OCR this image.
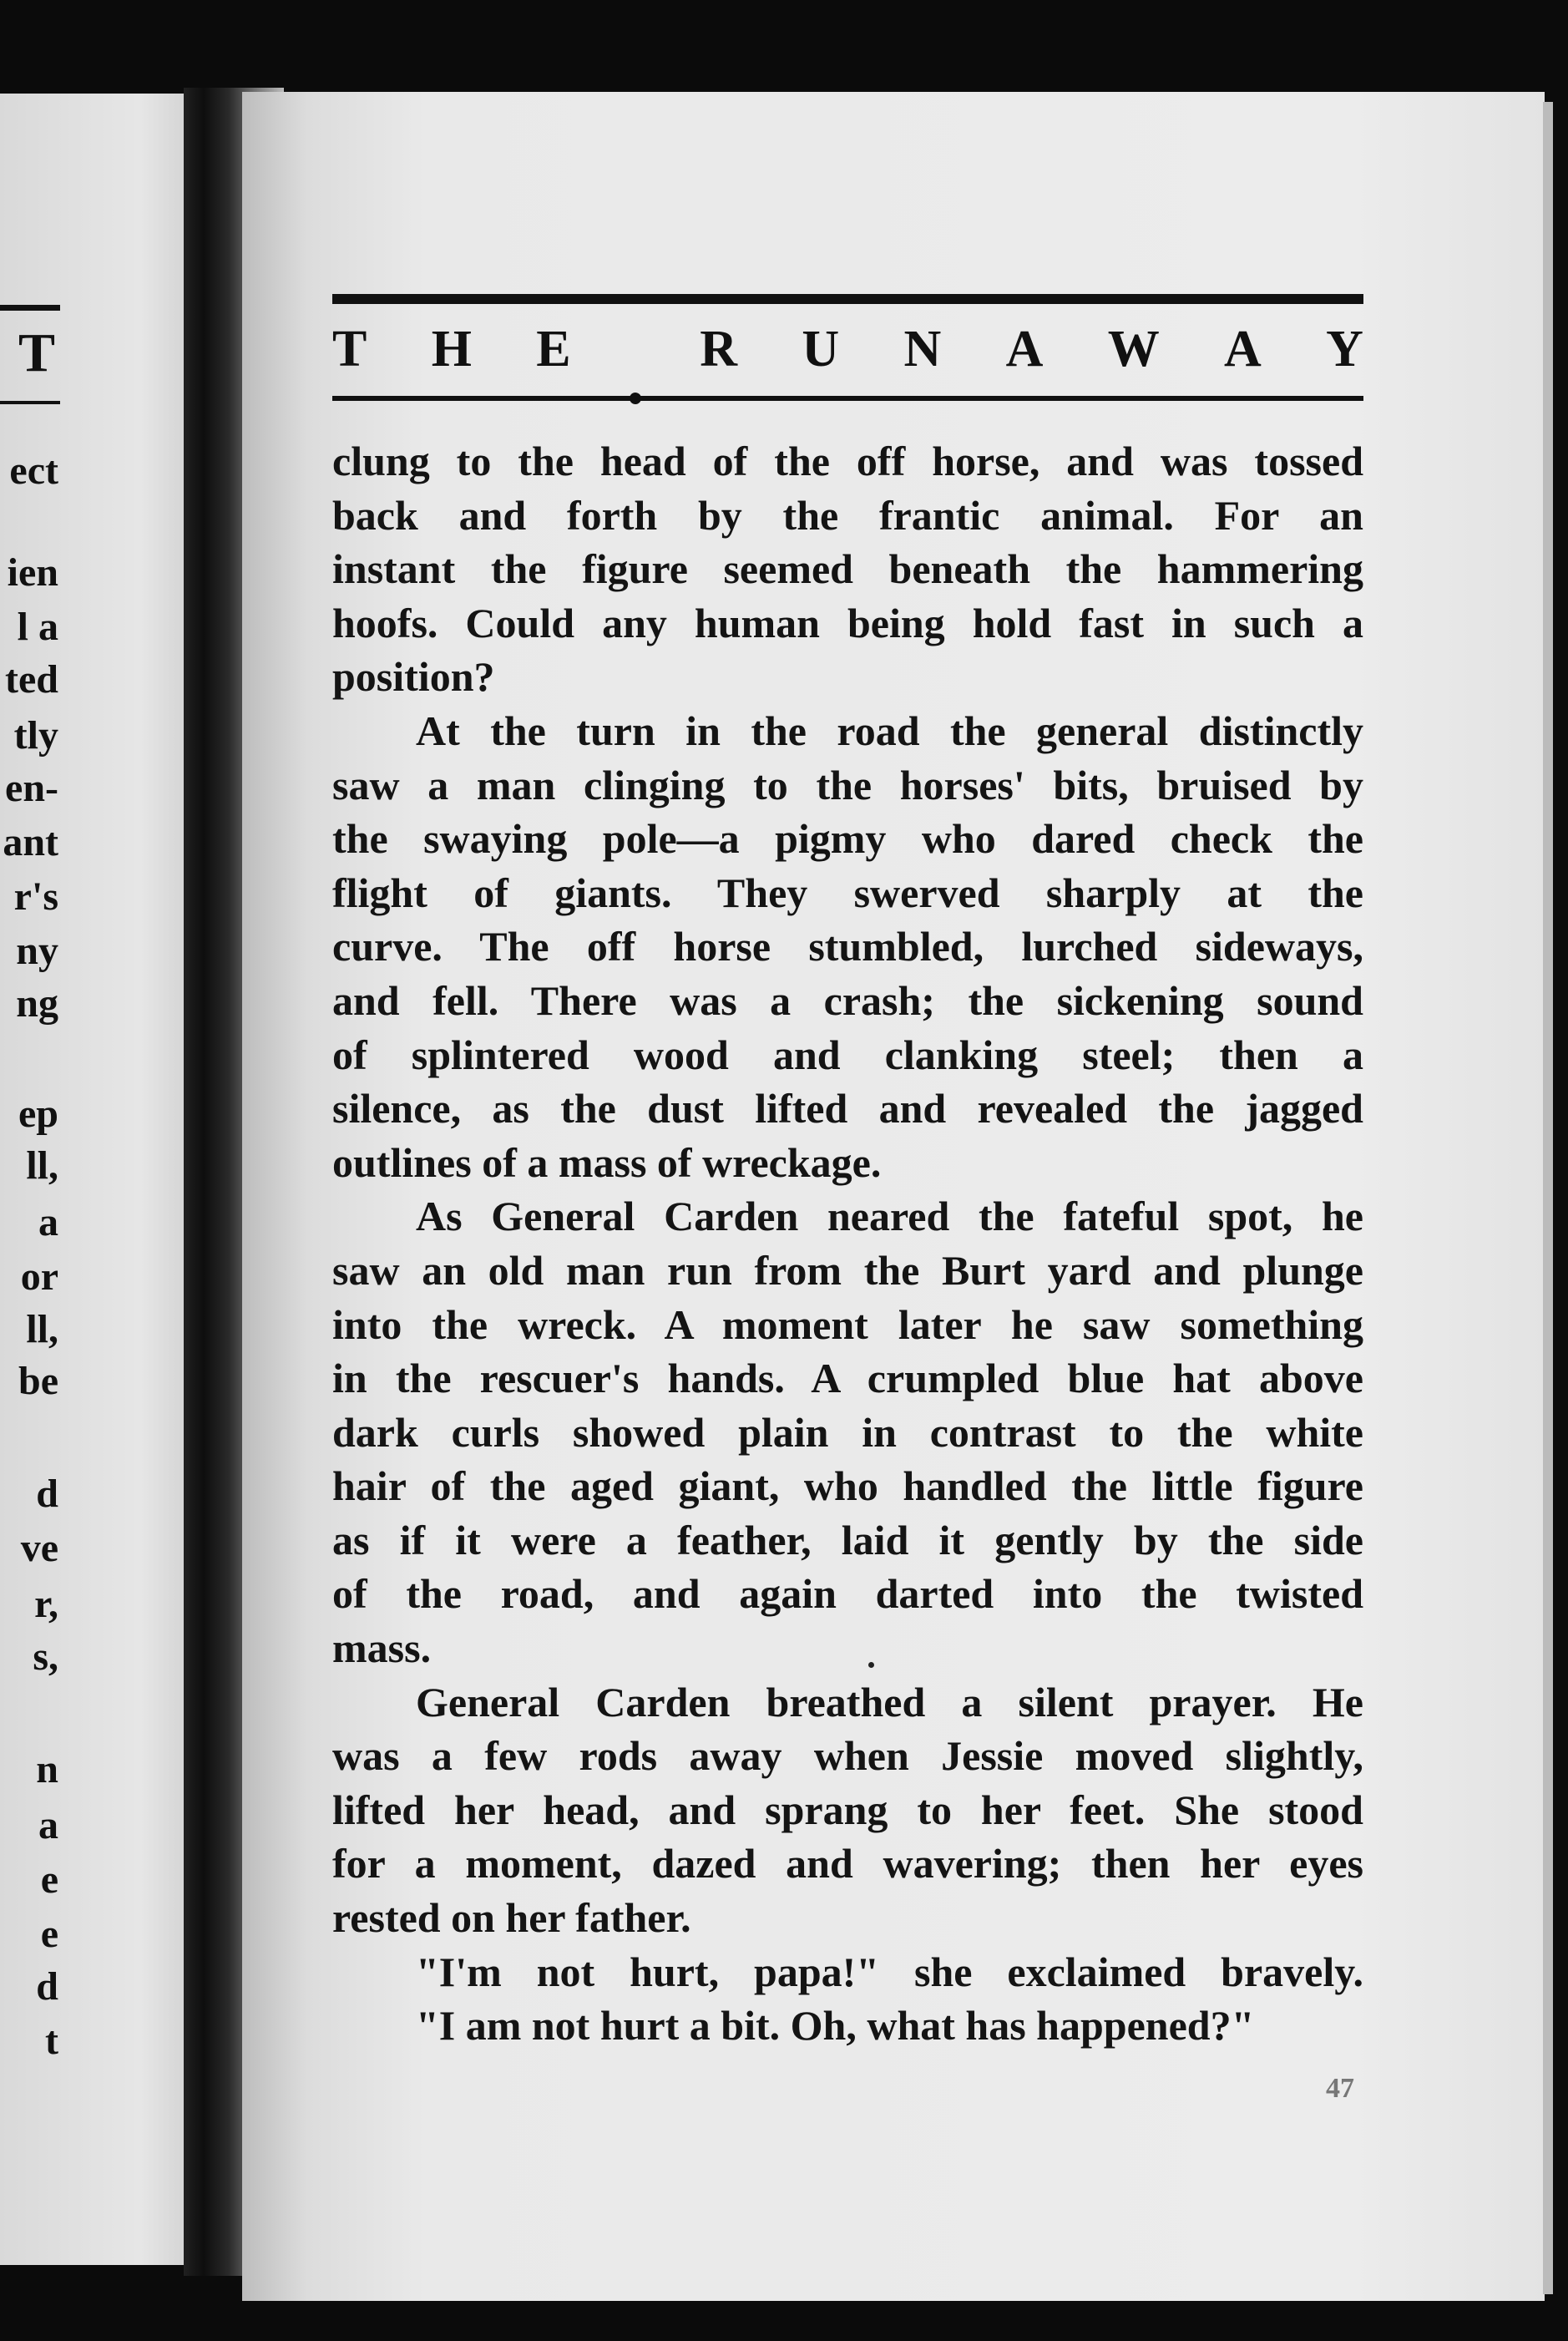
T
ect
ien
l a
ted
tly
en-
ant
r's
ny
ng
ep
ll,
a
or
ll,
be
d
ve
r,
s,
n
a
e
e
d
t
T H E R U N A W A Y
clung to the head of the off horse, and was tossed
back and forth by the frantic animal. For an
instant the figure seemed beneath the hammering
hoofs. Could any human being hold fast in such a
position?
At the turn in the road the general distinctly
saw a man clinging to the horses' bits, bruised by
the swaying pole—a pigmy who dared check the
flight of giants. They swerved sharply at the
curve. The off horse stumbled, lurched sideways,
and fell. There was a crash; the sickening sound
of splintered wood and clanking steel; then a
silence, as the dust lifted and revealed the jagged
outlines of a mass of wreckage.
As General Carden neared the fateful spot, he
saw an old man run from the Burt yard and plunge
into the wreck. A moment later he saw something
in the rescuer's hands. A crumpled blue hat above
dark curls showed plain in contrast to the white
hair of the aged giant, who handled the little figure
as if it were a feather, laid it gently by the side
of the road, and again darted into the twisted
mass.
General Carden breathed a silent prayer. He
was a few rods away when Jessie moved slightly,
lifted her head, and sprang to her feet. She stood
for a moment, dazed and wavering; then her eyes
rested on her father.
"I'm not hurt, papa!" she exclaimed bravely.
"I am not hurt a bit. Oh, what has happened?"
47
